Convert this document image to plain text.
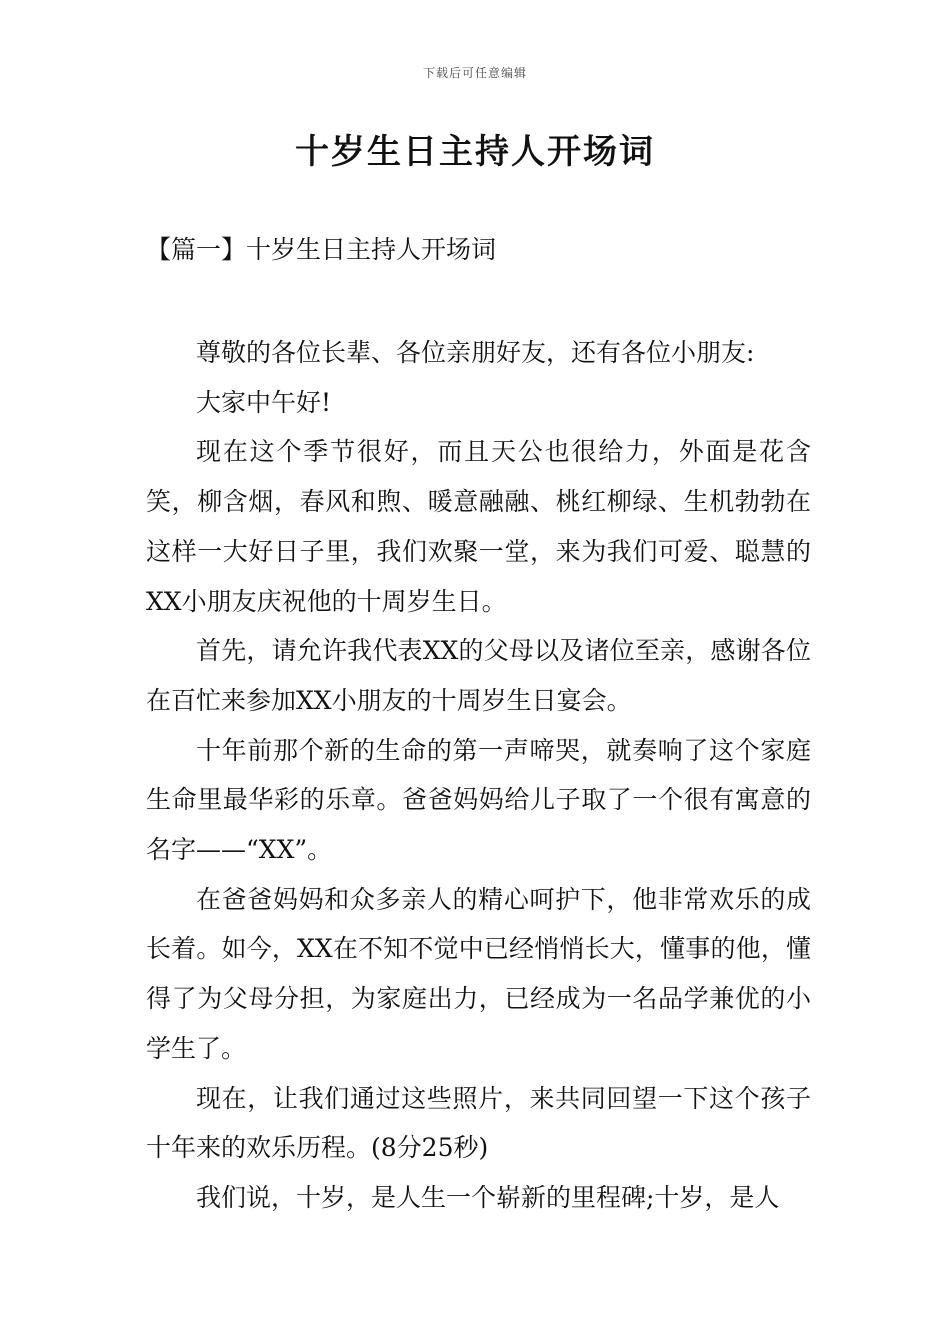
下载后可任意编辑
十岁生日主持人开场词
【篇一】十岁生日主持人开场词

尊敬的各位长辈、各位亲朋好友，还有各位小朋友:

大家中午好!

现在这个季节很好，而且天公也很给力，外面是花含笑，柳含烟，春风和煦、暖意融融、桃红柳绿、生机勃勃在这样一大好日子里，我们欢聚一堂，来为我们可爱、聪慧的XX小朋友庆祝他的十周岁生日。

首先，请允许我代表XX的父母以及诸位至亲，感谢各位在百忙来参加XX小朋友的十周岁生日宴会。

十年前那个新的生命的第一声啼哭，就奏响了这个家庭生命里最华彩的乐章。爸爸妈妈给儿子取了一个很有寓意的名字——“XX”。

在爸爸妈妈和众多亲人的精心呵护下，他非常欢乐的成长着。如今，XX在不知不觉中已经悄悄长大，懂事的他，懂得了为父母分担，为家庭出力，已经成为一名品学兼优的小学生了。

现在，让我们通过这些照片，来共同回望一下这个孩子十年来的欢乐历程。(8分25秒)

我们说，十岁，是人生一个崭新的里程碑;十岁，是人
